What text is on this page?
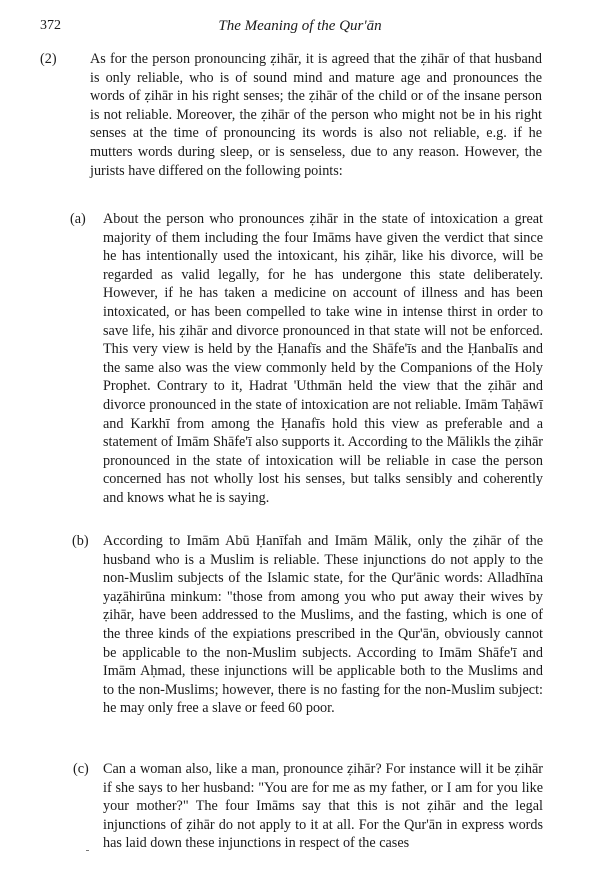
372	The Meaning of the Qur'ān
(2) As for the person pronouncing ẓihār, it is agreed that the ẓihār of that husband is only reliable, who is of sound mind and mature age and pronounces the words of ẓihār in his right senses; the ẓihār of the child or of the insane person is not reliable. Moreover, the ẓihār of the person who might not be in his right senses at the time of pronouncing its words is also not reliable, e.g. if he mutters words during sleep, or is senseless, due to any reason. However, the jurists have differed on the following points:

(a) About the person who pronounces ẓihār in the state of intoxication a great majority of them including the four Imāms have given the verdict that since he has intentionally used the intoxicant, his ẓihār, like his divorce, will be regarded as valid legally, for he has undergone this state deliberately. However, if he has taken a medicine on account of illness and has been intoxicated, or has been compelled to take wine in intense thirst in order to save life, his ẓihār and divorce pronounced in that state will not be enforced. This very view is held by the Ḥanafīs and the Shāfe'īs and the Ḥanbalīs and the same also was the view commonly held by the Companions of the Holy Prophet. Contrary to it, Hadrat 'Uthmān held the view that the ẓihār and divorce pronounced in the state of intoxication are not reliable. Imām Taḥāwī and Karkhī from among the Ḥanafīs hold this view as preferable and a statement of Imām Shāfe'ī also supports it. According to the Mālikls the ẓihār pronounced in the state of intoxication will be reliable in case the person concerned has not wholly lost his senses, but talks sensibly and coherently and knows what he is saying.

(b) According to Imām Abū Ḥanīfah and Imām Mālik, only the ẓihār of the husband who is a Muslim is reliable. These injunctions do not apply to the non-Muslim subjects of the Islamic state, for the Qur'ānic words: Alladhīna yaẓāhirūna minkum: "those from among you who put away their wives by ẓihār, have been addressed to the Muslims, and the fasting, which is one of the three kinds of the expiations prescribed in the Qur'ān, obviously cannot be applicable to the non-Muslim subjects. According to Imām Shāfe'ī and Imām Aḥmad, these injunctions will be applicable both to the Muslims and to the non-Muslims; however, there is no fasting for the non-Muslim subject: he may only free a slave or feed 60 poor.

(c) Can a woman also, like a man, pronounce ẓihār? For instance will it be ẓihār if she says to her husband: "You are for me as my father, or I am for you like your mother?" The four Imāms say that this is not ẓihār and the legal injunctions of ẓihār do not apply to it at all. For the Qur'ān in express words has laid down these injunctions in respect of the cases
